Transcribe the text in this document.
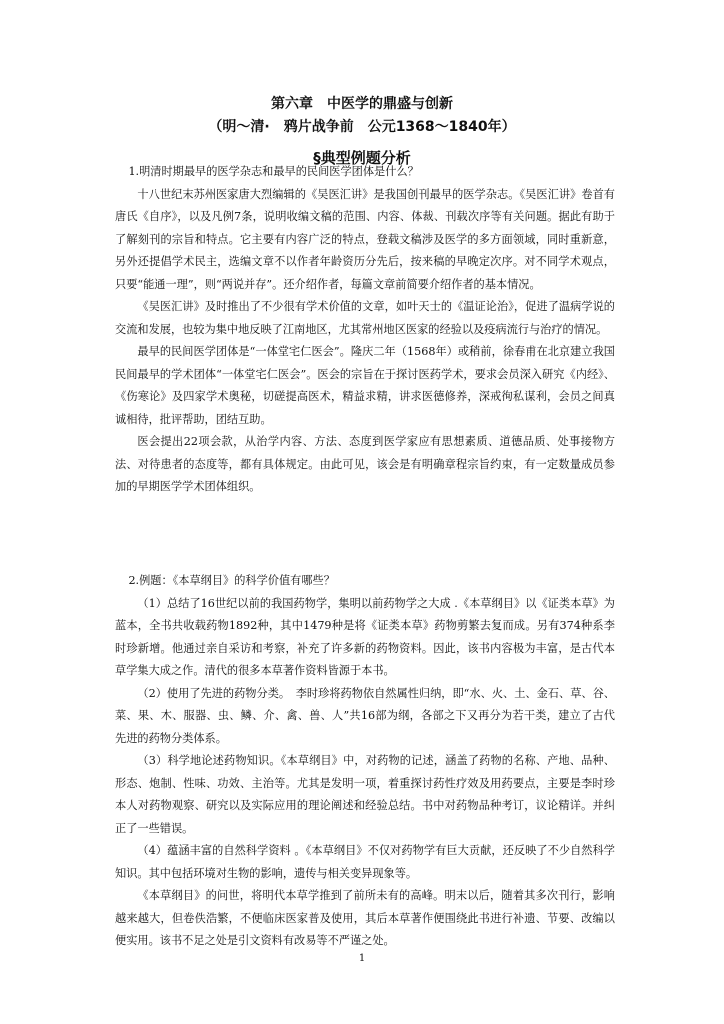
第六章　中医学的鼎盛与创新
（明～清·　鸦片战争前　公元1368～1840年）
§典型例题分析

1.明清时期最早的医学杂志和最早的民间医学团体是什么？

十八世纪末苏州医家唐大烈编辑的《吴医汇讲》是我国创刊最早的医学杂志。《吴医汇讲》卷首有唐氏《自序》，以及凡例7条，说明收编文稿的范围、内容、体裁、刊载次序等有关问题。据此有助于了解刻刊的宗旨和特点。它主要有内容广泛的特点，登载文稿涉及医学的多方面领域，同时重新意，另外还提倡学术民主，选编文章不以作者年龄资历分先后，按来稿的早晚定次序。对不同学术观点，只要“能通一理”，则“两说并存”。还介绍作者，每篇文章前简要介绍作者的基本情况。

《吴医汇讲》及时推出了不少很有学术价值的文章，如叶天士的《温证论治》，促进了温病学说的交流和发展，也较为集中地反映了江南地区，尤其常州地区医家的经验以及疫病流行与治疗的情况。

最早的民间医学团体是“一体堂宅仁医会”。隆庆二年（1568年）或稍前，徐春甫在北京建立我国民间最早的学术团体“一体堂宅仁医会”。医会的宗旨在于探讨医药学术，要求会员深入研究《内经》、《伤寒论》及四家学术奥秘，切磋提高医术，精益求精，讲求医德修养，深戒徇私谋利，会员之间真诚相待，批评帮助，团结互助。

医会提出22项会款，从治学内容、方法、态度到医学家应有思想素质、道德品质、处事接物方法、对待患者的态度等，都有具体规定。由此可见，该会是有明确章程宗旨约束，有一定数量成员参加的早期医学学术团体组织。

2.例题：《本草纲目》的科学价值有哪些？

（1）总结了16世纪以前的我国药物学，集明以前药物学之大成 .《本草纲目》以《证类本草》为蓝本，全书共收载药物1892种，其中1479种是将《证类本草》药物剪繁去复而成。另有374种系李时珍新增。他通过亲自采访和考察，补充了许多新的药物资料。因此，该书内容极为丰富，是古代本草学集大成之作。清代的很多本草著作资料皆源于本书。

（2）使用了先进的药物分类。　李时珍将药物依自然属性归纳，即“水、火、土、金石、草、谷、菜、果、木、服器、虫、鳞、介、禽、兽、人”共16部为纲，各部之下又再分为若干类，建立了古代先进的药物分类体系。

（3）科学地论述药物知识。《本草纲目》中，对药物的记述，涵盖了药物的名称、产地、品种、形态、炮制、性味、功效、主治等。尤其是发明一项，着重探讨药性疗效及用药要点，主要是李时珍本人对药物观察、研究以及实际应用的理论阐述和经验总结。书中对药物品种考订，议论精详。并纠正了一些错误。

（4）蕴涵丰富的自然科学资料 。《本草纲目》不仅对药物学有巨大贡献，还反映了不少自然科学知识。其中包括环境对生物的影响，遗传与相关变异现象等。

《本草纲目》的问世，将明代本草学推到了前所未有的高峰。明末以后，随着其多次刊行，影响越来越大，但卷佚浩繁，不便临床医家普及使用，其后本草著作便围绕此书进行补遗、节要、改编以便实用。该书不足之处是引文资料有改易等不严谨之处。

1
